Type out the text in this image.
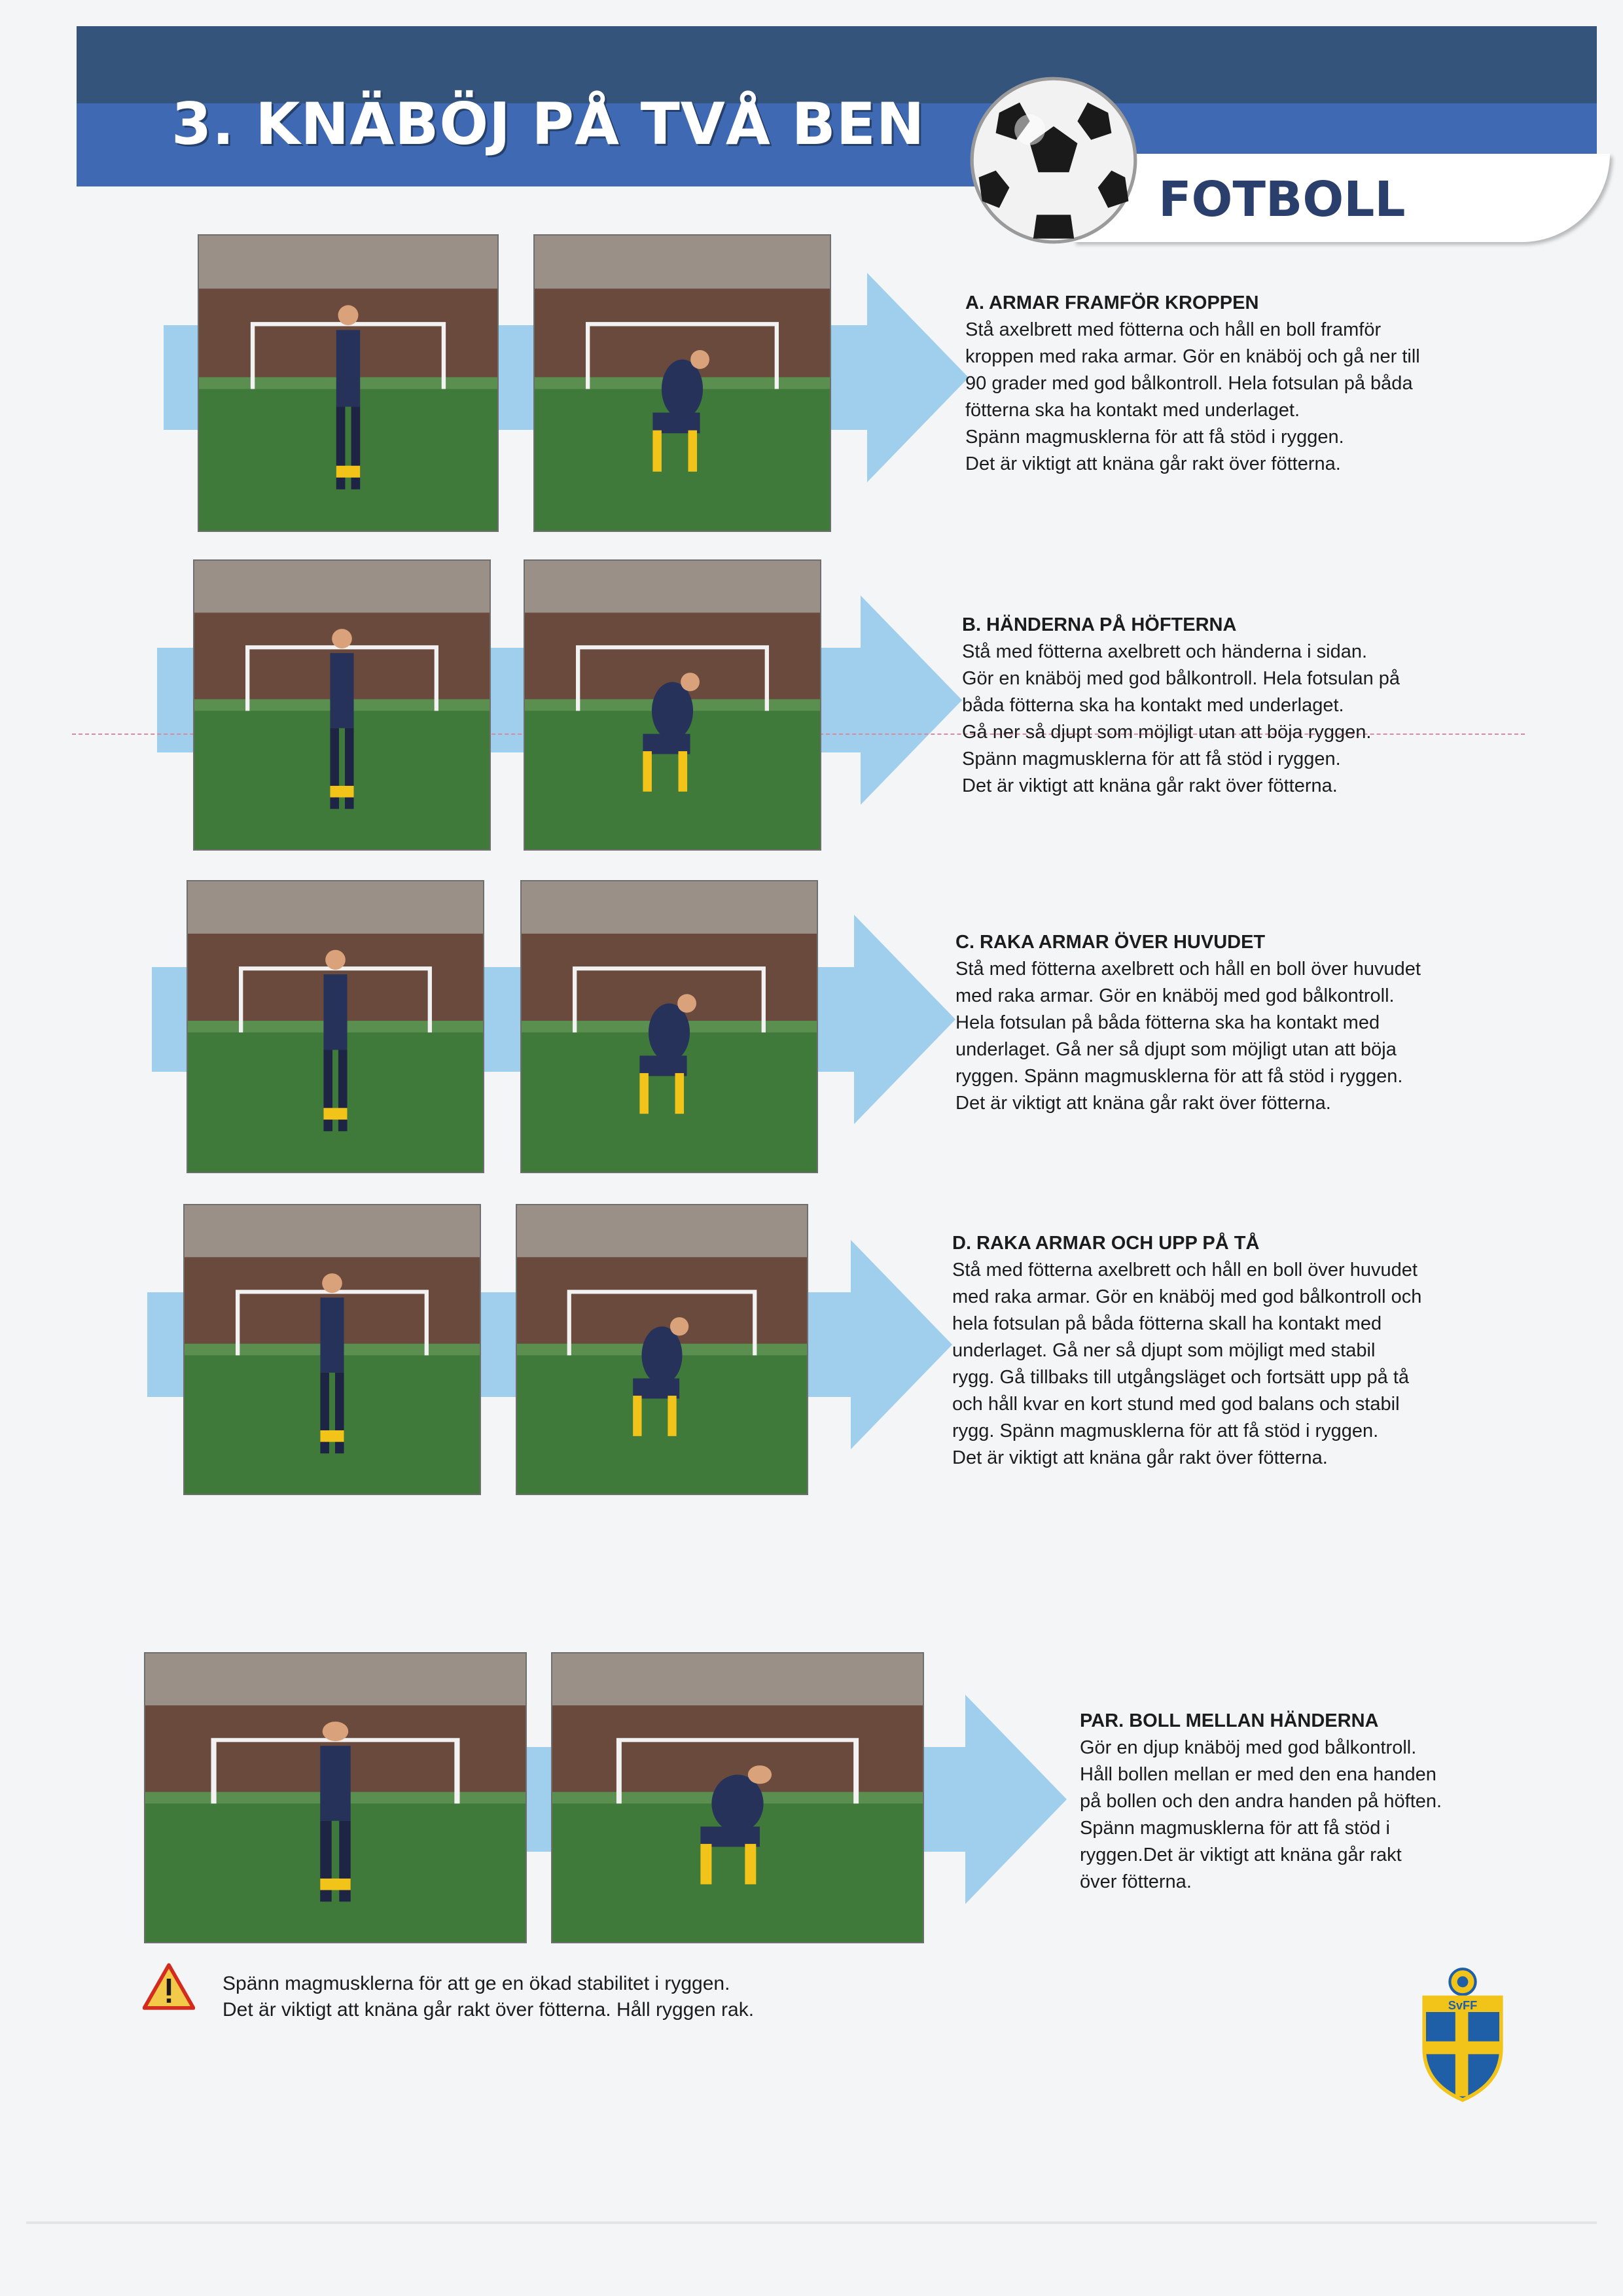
3. KNÄBÖJ PÅ TVÅ BEN
FOTBOLL

A. ARMAR FRAMFÖR KROPPEN

Stå axelbrett med fötterna och håll en boll framför

kroppen med raka armar. Gör en knäböj och gå ner till

90 grader med god bålkontroll. Hela fotsulan på båda

fötterna ska ha kontakt med underlaget.

Spänn magmusklerna för att få stöd i ryggen.

Det är viktigt att knäna går rakt över fötterna.

B. HÄNDERNA PÅ HÖFTERNA

Stå med fötterna axelbrett och händerna i sidan.

Gör en knäböj med god bålkontroll. Hela fotsulan på

båda fötterna ska ha kontakt med underlaget.

Gå ner så djupt som möjligt utan att böja ryggen.

Spänn magmusklerna för att få stöd i ryggen.

Det är viktigt att knäna går rakt över fötterna.

C. RAKA ARMAR ÖVER HUVUDET

Stå med fötterna axelbrett och håll en boll över huvudet

med raka armar. Gör en knäböj med god bålkontroll.

Hela fotsulan på båda fötterna ska ha kontakt med

underlaget. Gå ner så djupt som möjligt utan att böja

ryggen. Spänn magmusklerna för att få stöd i ryggen.

Det är viktigt att knäna går rakt över fötterna.

D. RAKA ARMAR OCH UPP PÅ TÅ

Stå med fötterna axelbrett och håll en boll över huvudet

med raka armar. Gör en knäböj med god bålkontroll och

hela fotsulan på båda fötterna skall ha kontakt med

underlaget. Gå ner så djupt som möjligt med stabil

rygg. Gå tillbaks till utgångsläget och fortsätt upp på tå

och håll kvar en kort stund med god balans och stabil

rygg. Spänn magmusklerna för att få stöd i ryggen.

Det är viktigt att knäna går rakt över fötterna.

PAR. BOLL MELLAN HÄNDERNA

Gör en djup knäböj med god bålkontroll.

Håll bollen mellan er med den ena handen

på bollen och den andra handen på höften.

Spänn magmusklerna för att få stöd i

ryggen.Det är viktigt att knäna går rakt

över fötterna.

Spänn magmusklerna för att ge en ökad stabilitet i ryggen.

Det är viktigt att knäna går rakt över fötterna. Håll ryggen rak.	SvFF
